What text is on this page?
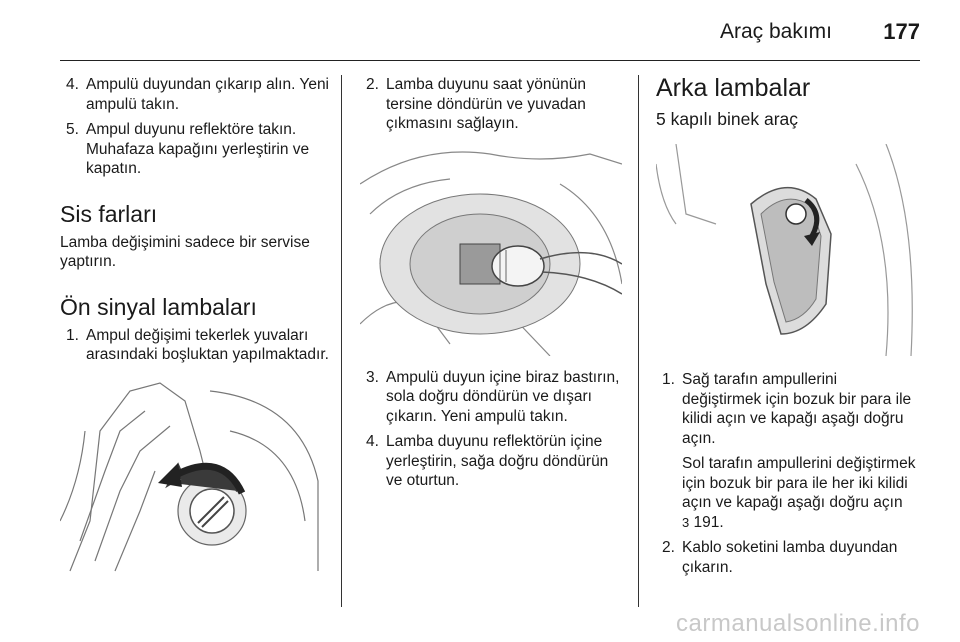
Araç bakımı 177
4. Ampulü duyundan çıkarıp alın. Yeni ampulü takın.
5. Ampul duyunu reflektöre takın. Muhafaza kapağını yerleştirin ve kapatın.
Sis farları

Lamba değişimini sadece bir servise yaptırın.

Ön sinyal lambaları
1. Ampul değişimi tekerlek yuvaları arasındaki boşluktan yapılmaktadır.
2. Lamba duyunu saat yönünün tersine döndürün ve yuvadan çıkmasını sağlayın.
3. Ampulü duyun içine biraz bastırın, sola doğru döndürün ve dışarı çıkarın. Yeni ampulü takın.
4. Lamba duyunu reflektörün içine yerleştirin, sağa doğru döndürün ve oturtun.
Arka lambalar
5 kapılı binek araç
1. Sağ tarafın ampullerini değiştirmek için bozuk bir para ile kilidi açın ve kapağı aşağı doğru açın.
Sol tarafın ampullerini değiştirmek için bozuk bir para ile her iki kilidi açın ve kapağı aşağı doğru açın
3 191.
2. Kablo soketini lamba duyundan çıkarın.
carmanualsonline.info
